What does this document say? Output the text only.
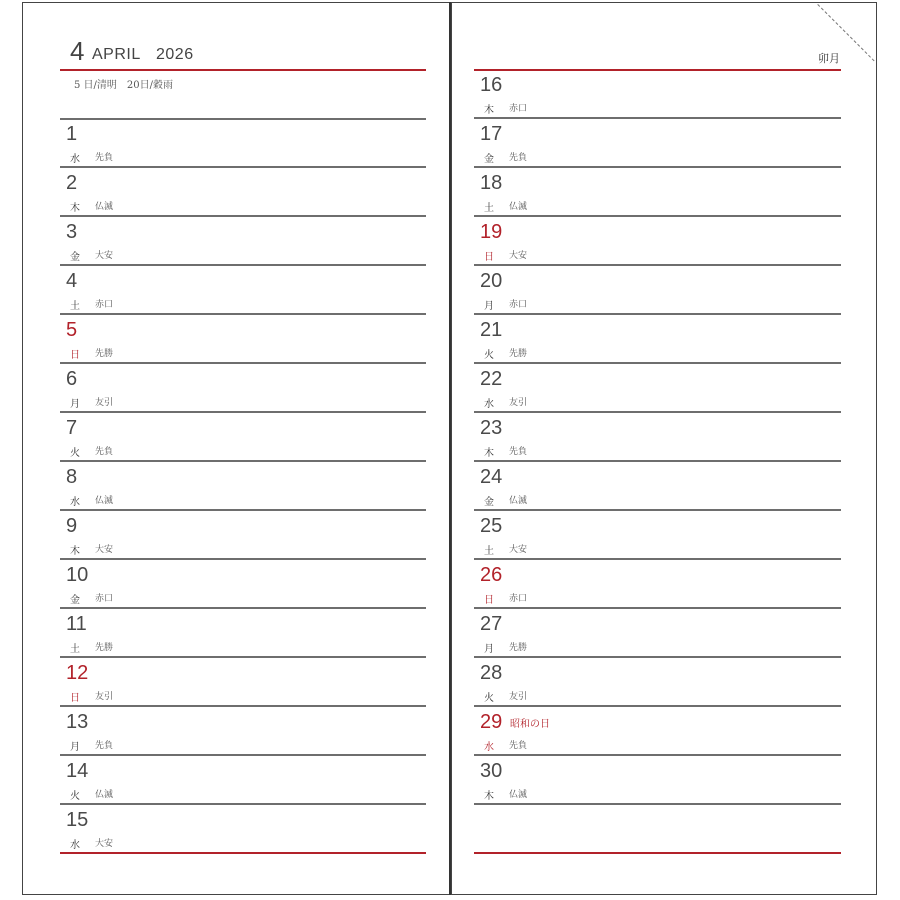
4 APRIL 2026	卯月
5 日/清明　20日/穀雨
1
水 先負
2
木 仏滅
3
金 大安
4
土 赤口
5
日 先勝
6
月 友引
7
火 先負
8
水 仏滅
9
木 大安
10
金 赤口
11
土 先勝
12
日 友引
13
月 先負
14
火 仏滅
15
水 大安
16
木 赤口
17
金 先負
18
土 仏滅
19
日 大安
20
月 赤口
21
火 先勝
22
水 友引
23
木 先負
24
金 仏滅
25
土 大安
26
日 赤口
27
月 先勝
28
火 友引
29 昭和の日
水 先負
30
木 仏滅
